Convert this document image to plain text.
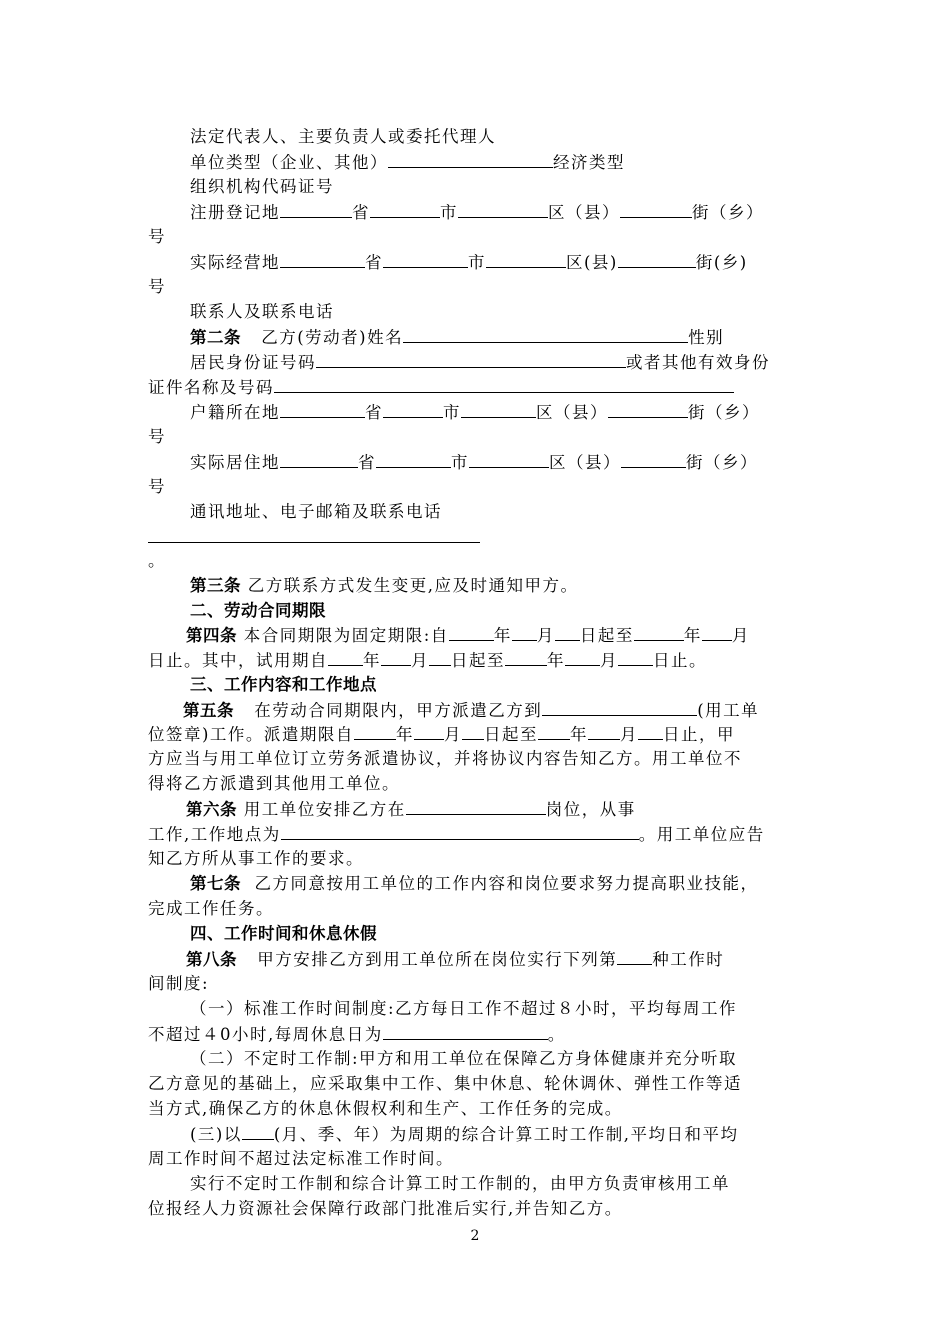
法定代表人、主要负责人或委托代理人
单位类型（企业、其他）	经济类型
组织机构代码证号
注册登记地	省	市	区（县）	街（乡）
号
实际经营地	省	市	区(县)	街(乡)
号
联系人及联系电话
第二条 乙方(劳动者)姓名	性别
居民身份证号码	或者其他有效身份
证件名称及号码
户籍所在地	省	市	区（县）	街（乡）
号
实际居住地	省	市	区（县）	街（乡）
号
通讯地址、电子邮箱及联系电话
。
第三条 乙方联系方式发生变更,应及时通知甲方。
二、劳动合同期限
第四条 本合同期限为固定期限:自	年 月 日起至	年 月
日止。其中，试用期自 年 月 日起至	年 月 日止。
三、工作内容和工作地点
第五条 在劳动合同期限内，甲方派遣乙方到	(用工单
位签章)工作。派遣期限自	年 月 日起至 年 月 日止，甲
方应当与用工单位订立劳务派遣协议，并将协议内容告知乙方。用工单位不
得将乙方派遣到其他用工单位。
第六条 用工单位安排乙方在	岗位，从事
工作,工作地点为	。用工单位应告
知乙方所从事工作的要求。
第七条 乙方同意按用工单位的工作内容和岗位要求努力提高职业技能，
完成工作任务。
四、工作时间和休息休假
第八条 甲方安排乙方到用工单位所在岗位实行下列第 种工作时
间制度:
（一）标准工作时间制度:乙方每日工作不超过８小时，平均每周工作
不超过４0小时,每周休息日为	。
（二）不定时工作制:甲方和用工单位在保障乙方身体健康并充分听取
乙方意见的基础上，应采取集中工作、集中休息、轮休调休、弹性工作等适
当方式,确保乙方的休息休假权利和生产、工作任务的完成。
(三)以 (月、季、年）为周期的综合计算工时工作制,平均日和平均
周工作时间不超过法定标准工作时间。
实行不定时工作制和综合计算工时工作制的，由甲方负责审核用工单
位报经人力资源社会保障行政部门批准后实行,并告知乙方。
2
